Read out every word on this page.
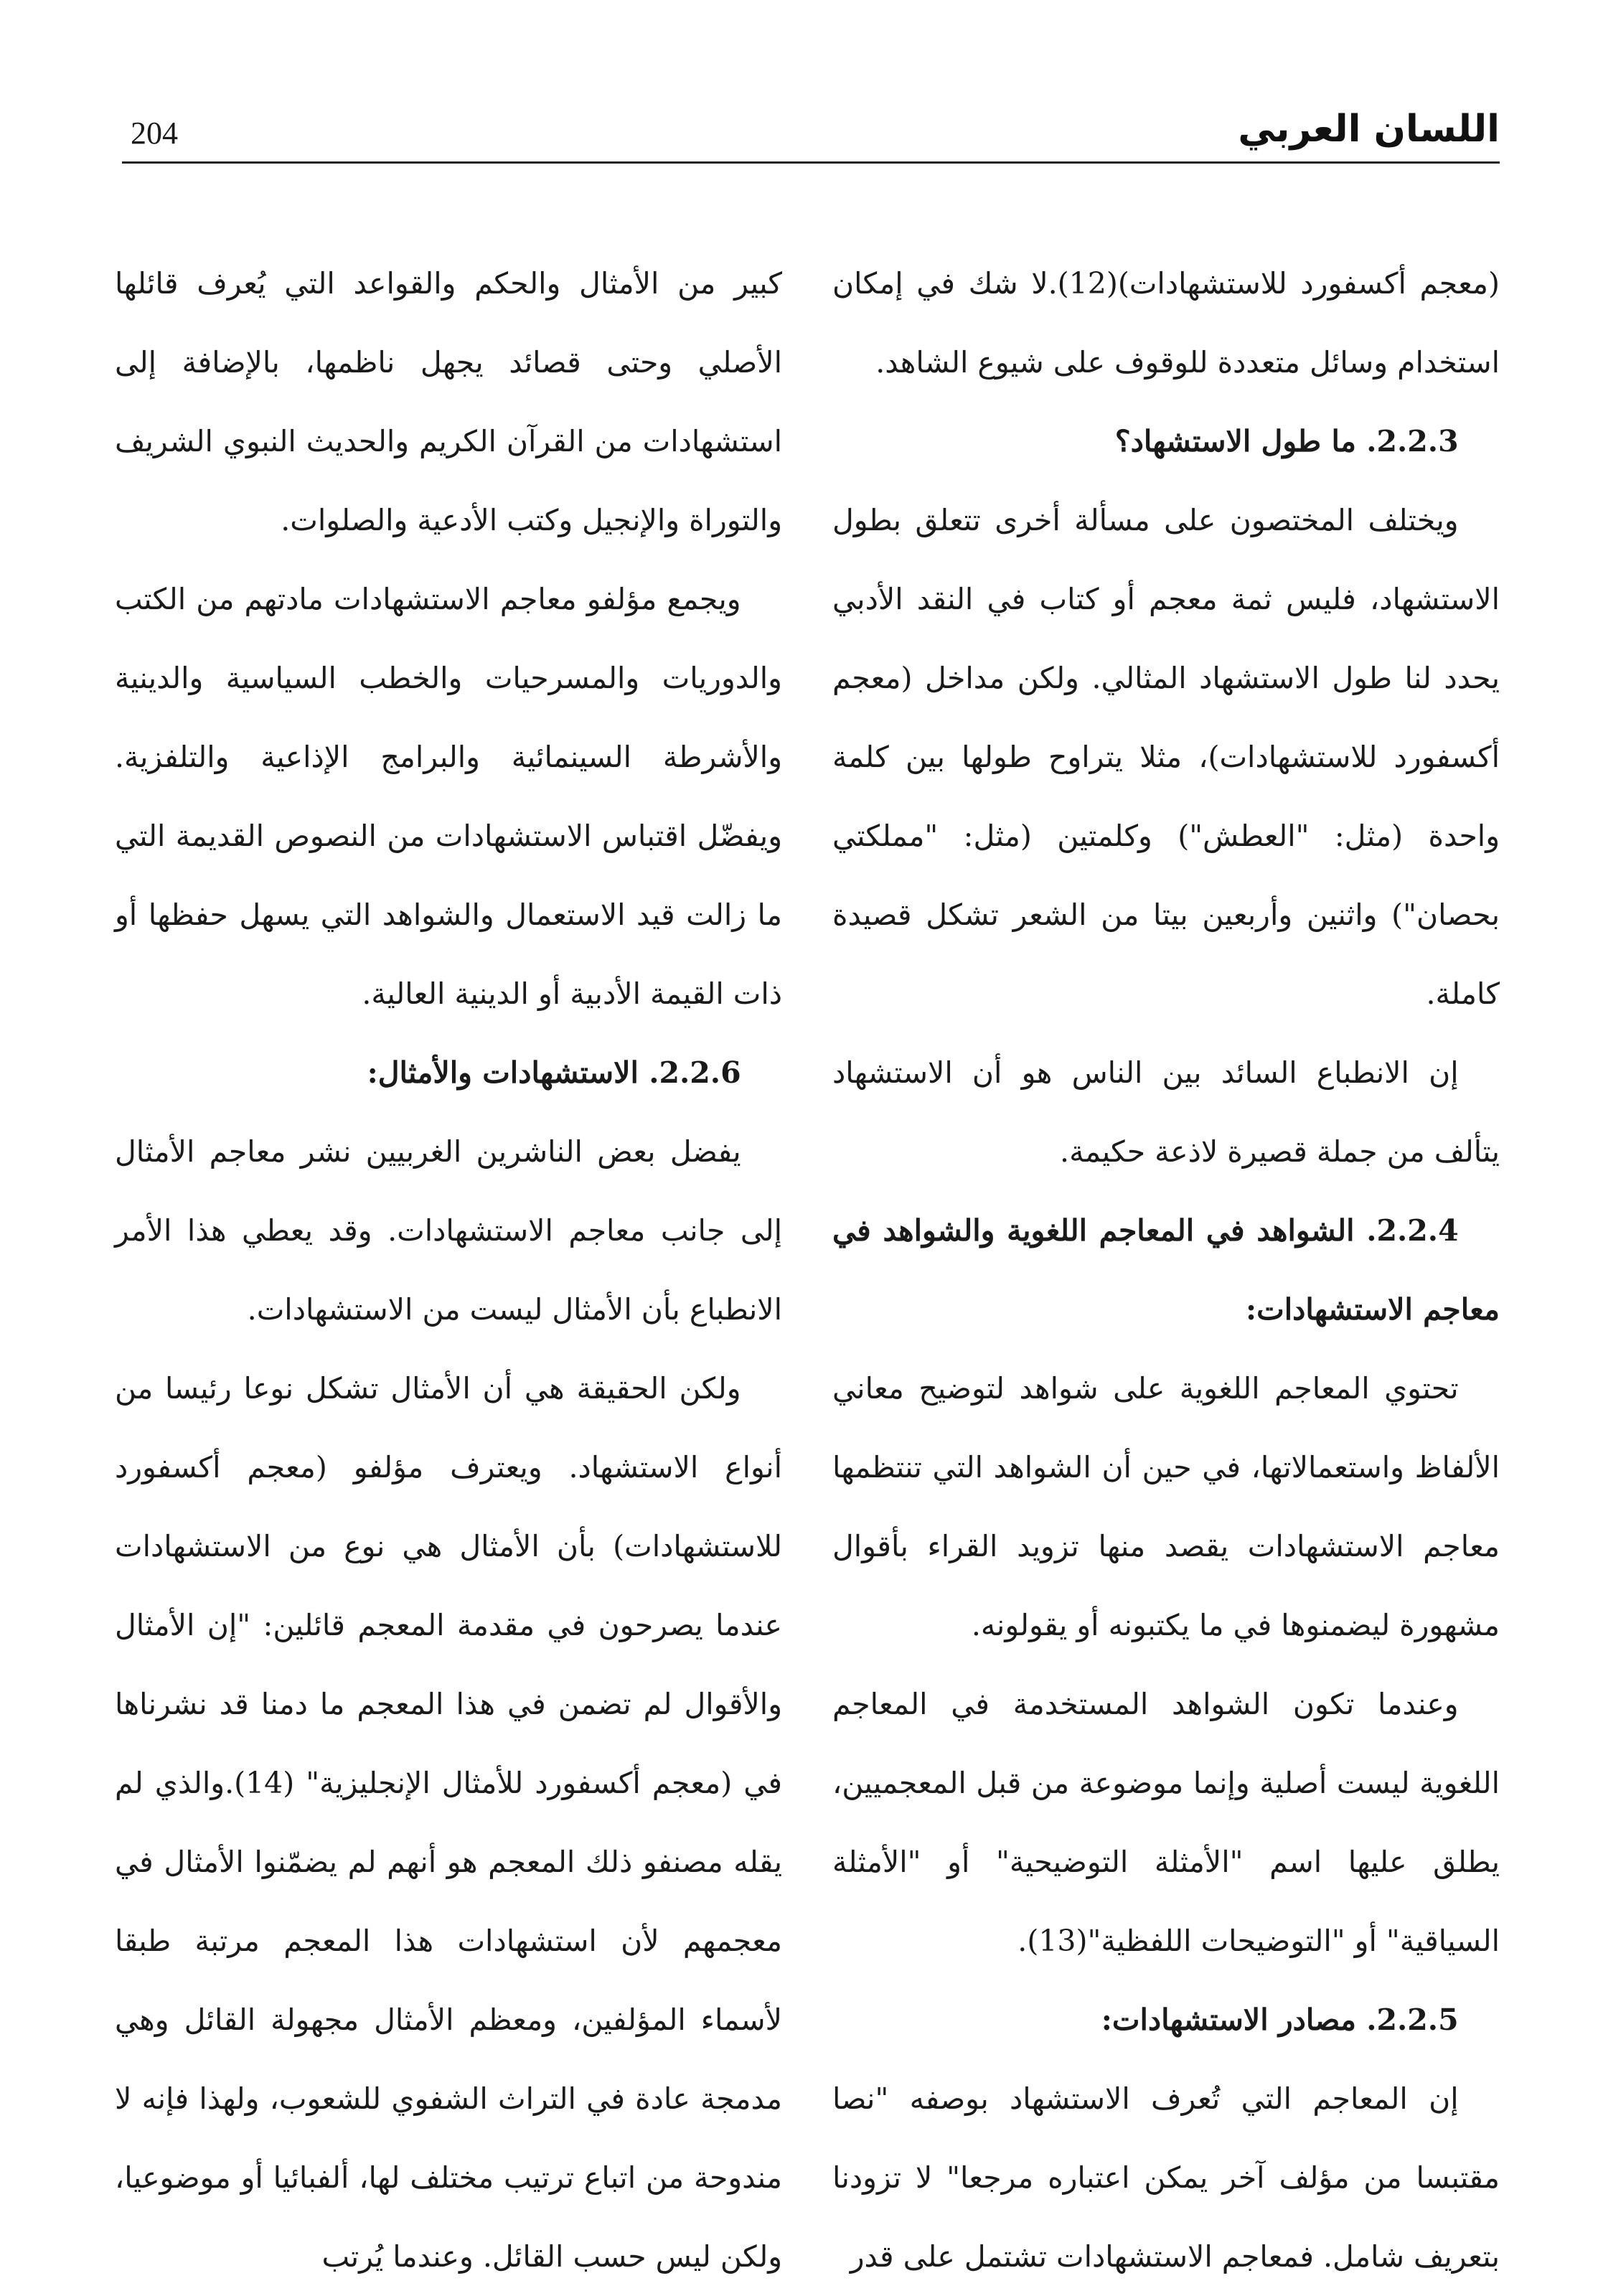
204	اللسان العربي

(معجم أكسفورد للاستشهادات)(12).لا شك في إمكان استخدام وسائل متعددة للوقوف على شيوع الشاهد.

2.2.3. ما طول الاستشهاد؟

ويختلف المختصون على مسألة أخرى تتعلق بطول الاستشهاد، فليس ثمة معجم أو كتاب في النقد الأدبي يحدد لنا طول الاستشهاد المثالي. ولكن مداخل (معجم أكسفورد للاستشهادات)، مثلا يتراوح طولها بين كلمة واحدة (مثل: "العطش") وكلمتين (مثل: "مملكتي بحصان") واثنين وأربعين بيتا من الشعر تشكل قصيدة كاملة.

إن الانطباع السائد بين الناس هو أن الاستشهاد يتألف من جملة قصيرة لاذعة حكيمة.

2.2.4. الشواهد في المعاجم اللغوية والشواهد في معاجم الاستشهادات:

تحتوي المعاجم اللغوية على شواهد لتوضيح معاني الألفاظ واستعمالاتها، في حين أن الشواهد التي تنتظمها معاجم الاستشهادات يقصد منها تزويد القراء بأقوال مشهورة ليضمنوها في ما يكتبونه أو يقولونه.

وعندما تكون الشواهد المستخدمة في المعاجم اللغوية ليست أصلية وإنما موضوعة من قبل المعجميين، يطلق عليها اسم "الأمثلة التوضيحية" أو "الأمثلة السياقية" أو "التوضيحات اللفظية"(13).

2.2.5. مصادر الاستشهادات:

إن المعاجم التي تُعرف الاستشهاد بوصفه "نصا مقتبسا من مؤلف آخر يمكن اعتباره مرجعا" لا تزودنا بتعريف شامل. فمعاجم الاستشهادات تشتمل على قدر

كبير من الأمثال والحكم والقواعد التي يُعرف قائلها الأصلي وحتى قصائد يجهل ناظمها، بالإضافة إلى استشهادات من القرآن الكريم والحديث النبوي الشريف والتوراة والإنجيل وكتب الأدعية والصلوات.

ويجمع مؤلفو معاجم الاستشهادات مادتهم من الكتب والدوريات والمسرحيات والخطب السياسية والدينية والأشرطة السينمائية والبرامج الإذاعية والتلفزية. ويفضّل اقتباس الاستشهادات من النصوص القديمة التي ما زالت قيد الاستعمال والشواهد التي يسهل حفظها أو ذات القيمة الأدبية أو الدينية العالية.

2.2.6. الاستشهادات والأمثال:

يفضل بعض الناشرين الغربيين نشر معاجم الأمثال إلى جانب معاجم الاستشهادات. وقد يعطي هذا الأمر الانطباع بأن الأمثال ليست من الاستشهادات.

ولكن الحقيقة هي أن الأمثال تشكل نوعا رئيسا من أنواع الاستشهاد. ويعترف مؤلفو (معجم أكسفورد للاستشهادات) بأن الأمثال هي نوع من الاستشهادات عندما يصرحون في مقدمة المعجم قائلين: "إن الأمثال والأقوال لم تضمن في هذا المعجم ما دمنا قد نشرناها في (معجم أكسفورد للأمثال الإنجليزية" (14).والذي لم يقله مصنفو ذلك المعجم هو أنهم لم يضمّنوا الأمثال في معجمهم لأن استشهادات هذا المعجم مرتبة طبقا لأسماء المؤلفين، ومعظم الأمثال مجهولة القائل وهي مدمجة عادة في التراث الشفوي للشعوب، ولهذا فإنه لا مندوحة من اتباع ترتيب مختلف لها، ألفبائيا أو موضوعيا، ولكن ليس حسب القائل. وعندما يُرتب
